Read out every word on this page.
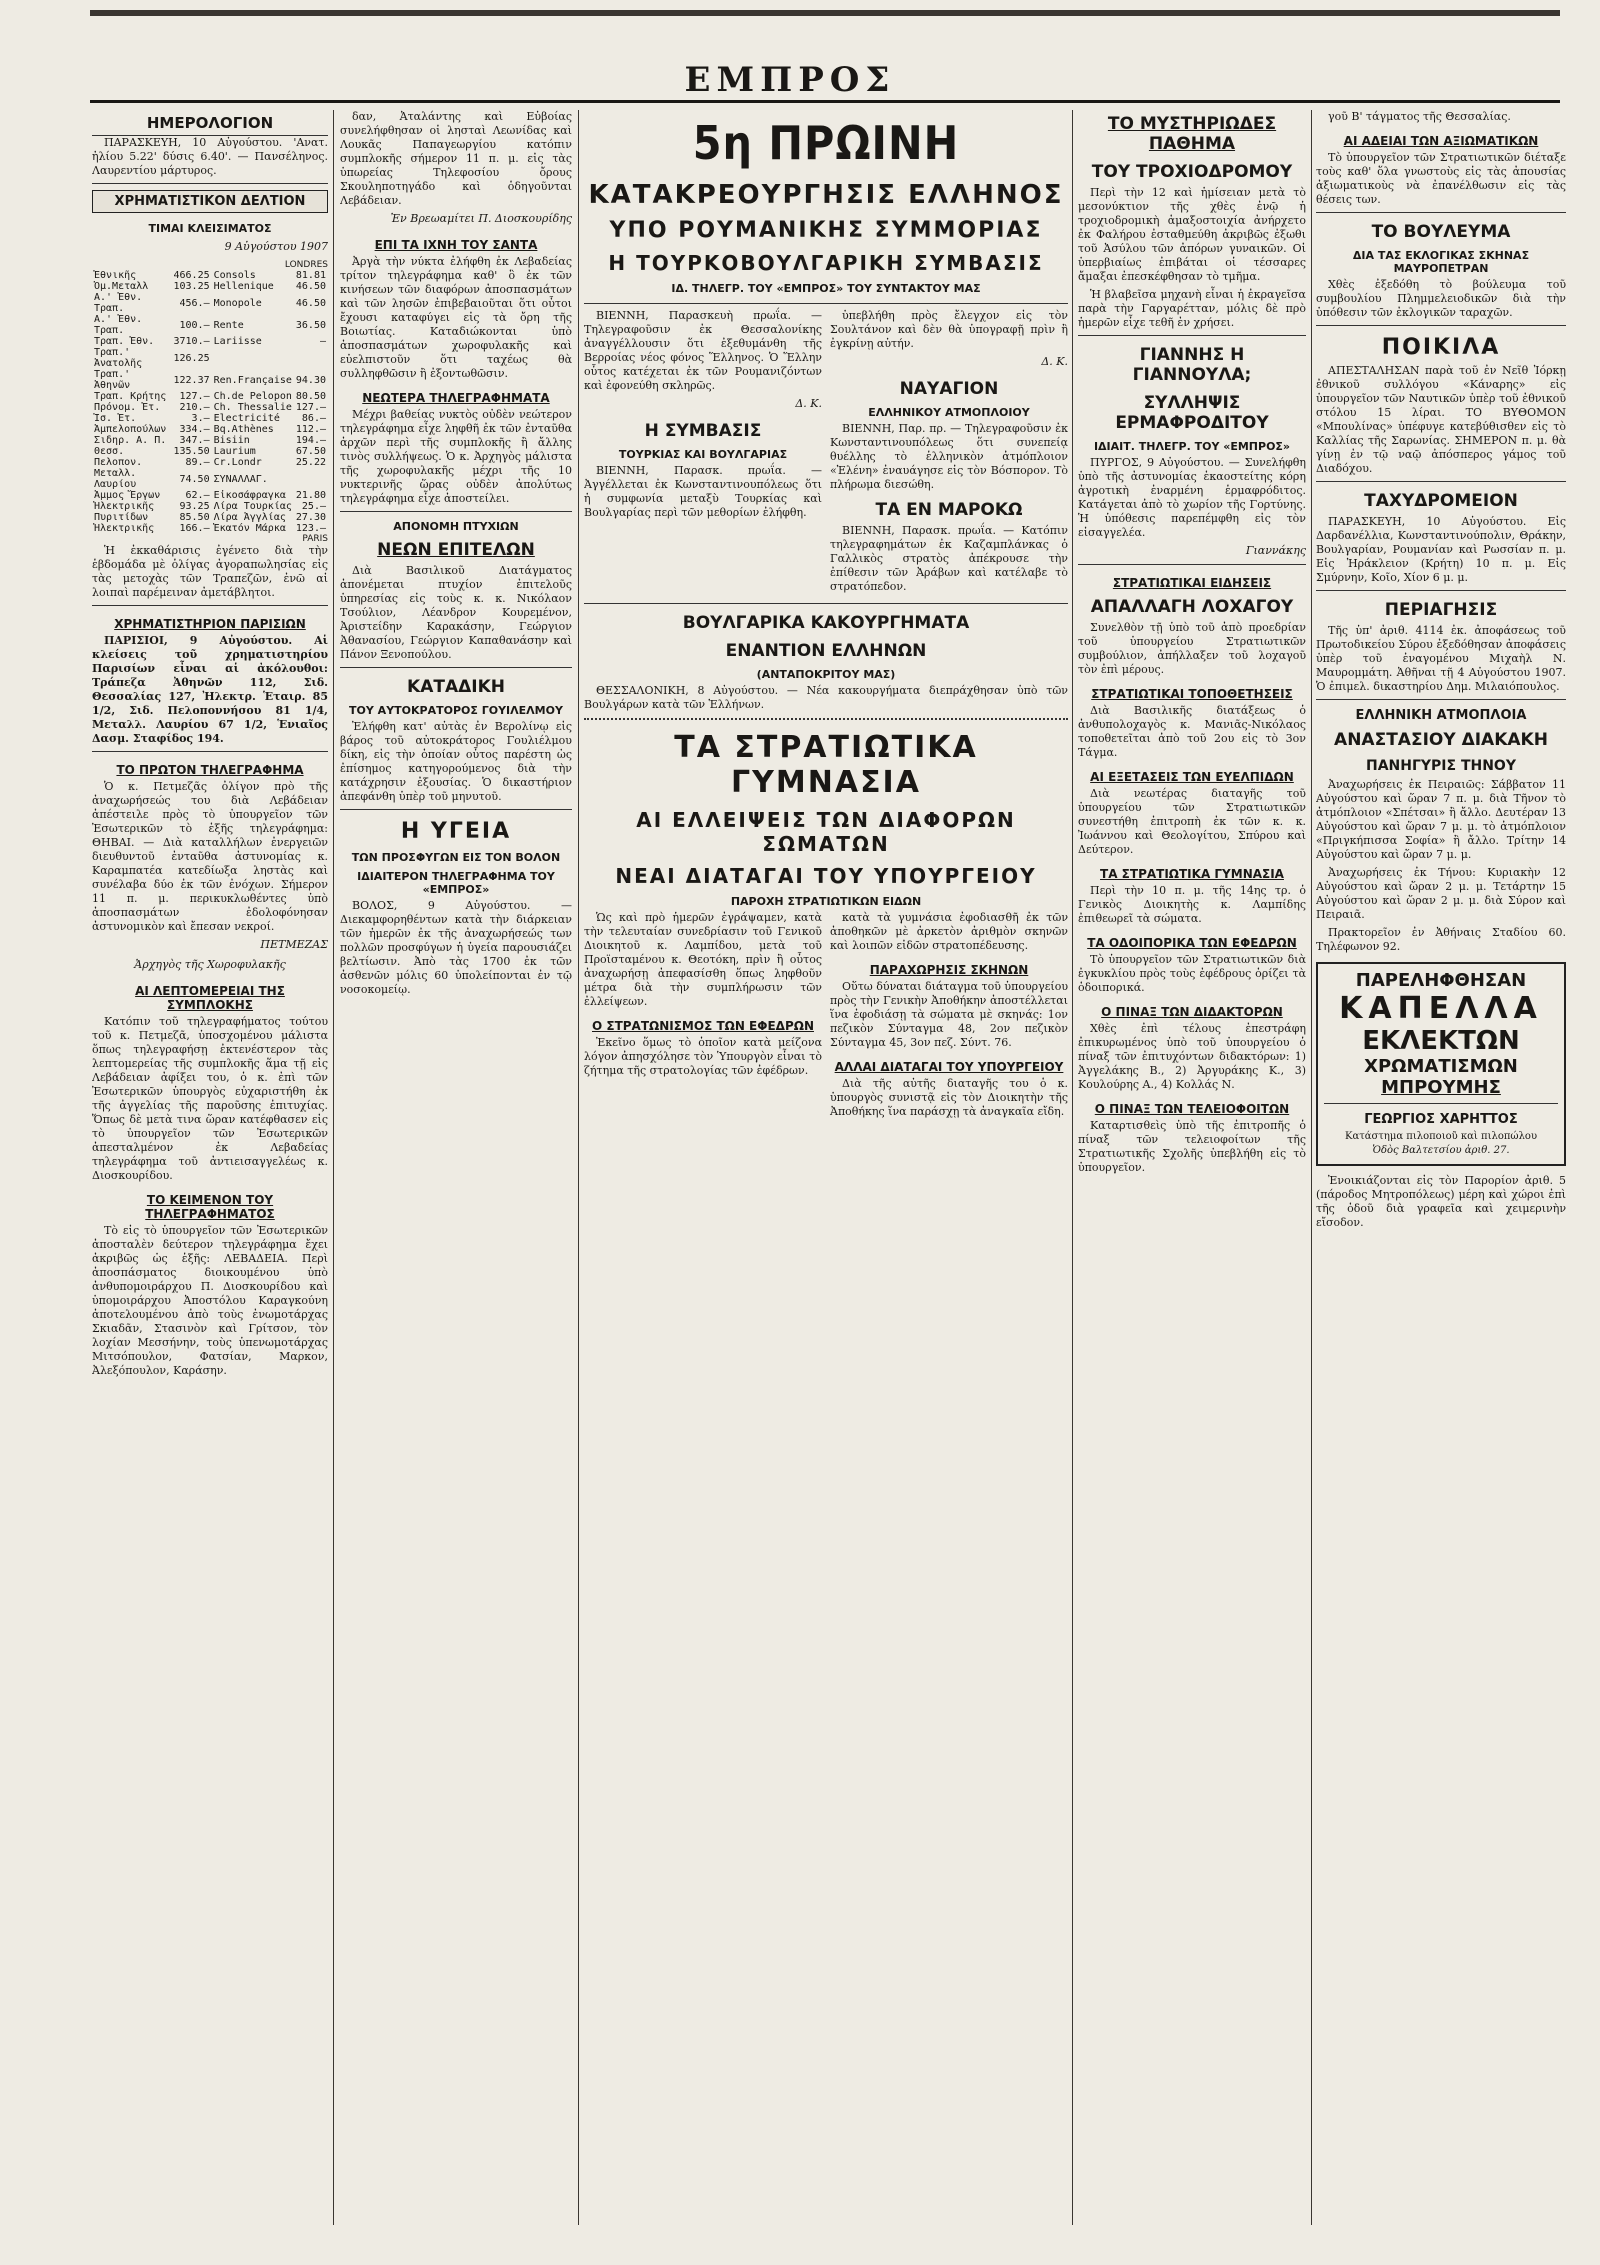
ΕΜΠΡΟΣ
ΗΜΕΡΟΛΟΓΙΟΝ

ΠΑΡΑΣΚΕΥΗ, 10 Αὐγούστου. 'Ανατ. ἡλίου 5.22' δύσις 6.40'. — Πανσέληνος. Λαυρεντίου μάρτυρος.

ΧΡΗΜΑΤΙΣΤΙΚΟΝ ΔΕΛΤΙΟΝ
ΤΙΜΑΙ ΚΛΕΙΣΙΜΑΤΟΣ
9 Αὐγούστου 1907
LONDRES
Ἐθνικῆς	466.25	Consols	81.81
Ὀμ.Μεταλλ	103.25	Hellenique	46.50
Α.' Ἐθν. Τραπ.	456.—	Monopole	46.50
Α.' Ἐθν. Τραπ.	100.—	Rente	36.50
Τραπ. Ἐθν.	3710.—	Lariisse	—
Τραπ.' Ἀνατολῆς	126.25		
Τραπ.' Ἀθηνῶν	122.37	Ren.Française	94.30
Τραπ. Κρήτης	127.—	Ch.de Pelopon	80.50
Πρόνομ. Ἐτ.	210.—	Ch. Thessalie	127.—
Ἰσ. Ἐτ.	3.—	Electricité	86.—
Ἀμπελοπούλων	334.—	Bq.Athènes	112.—
Σιδηρ. Α. Π.	347.—	Bisiin	194.—
Θεσσ.	135.50	Laurium	67.50
Πελοπον.	89.—	Cr.Londr	25.22
Μεταλλ. Λαυρίου	74.50	ΣΥΝΑΛΛΑΓ.	
Ἀμμος Ἔργων	62.—	Εἰκοσάφραγκα	21.80
Ἡλεκτρικῆς	93.25	Λίρα Τουρκίας	25.—
Πυριτίδων	85.50	Λίρα Ἀγγλίας	27.30
Ἠλεκτρικῆς	166.—	Ἑκατόν Μάρκα	123.—
PARIS

Ἡ ἐκκαθάρισις ἐγένετο διὰ τὴν ἑβδομάδα μὲ ὁλίγας ἀγοραπωλησίας εἰς τὰς μετοχὰς τῶν Τραπεζῶν, ἐνῶ αἱ λοιπαὶ παρέμειναν ἀμετάβλητοι.

ΧΡΗΜΑΤΙΣΤΗΡΙΟΝ ΠΑΡΙΣΙΩΝ

ΠΑΡΙΣΙΟΙ, 9 Αὐγούστου. Αἱ κλείσεις τοῦ χρηματιστηρίου Παρισίων εἶναι αἱ ἀκόλουθοι: Τράπεζα Ἀθηνῶν 112, Σιδ. Θεσσαλίας 127, Ἠλεκτρ. Ἑταιρ. 85 1/2, Σιδ. Πελοποννήσου 81 1/4, Μεταλλ. Λαυρίου 67 1/2, Ἑνιαῖος Δασμ. Σταφίδος 194.

ΤΟ ΠΡΩΤΟΝ ΤΗΛΕΓΡΑΦΗΜΑ

Ὁ κ. Πετμεζᾶς ὀλίγον πρὸ τῆς ἀναχωρήσεώς του διὰ Λεβάδειαν ἀπέστειλε πρὸς τὸ ὑπουργεῖον τῶν Ἐσωτερικῶν τὸ ἑξῆς τηλεγράφημα: ΘΗΒΑΙ. — Διὰ καταλλήλων ἐνεργειῶν διευθυντοῦ ἐνταῦθα ἀστυνομίας κ. Καραμπατέα κατεδίωξα ληστὰς καὶ συνέλαβα δύο ἐκ τῶν ἐνόχων. Σήμερον 11 π. μ. περικυκλωθέντες ὑπὸ ἀποσπασμάτων ἐδολοφόνησαν ἀστυνομικὸν καὶ ἔπεσαν νεκροί.

ΠΕΤΜΕΖΑΣ
Ἀρχηγὸς τῆς Χωροφυλακῆς
ΑΙ ΛΕΠΤΟΜΕΡΕΙΑΙ ΤΗΣ ΣΥΜΠΛΟΚΗΣ

Κατόπιν τοῦ τηλεγραφήματος τούτου τοῦ κ. Πετμεζᾶ, ὑποσχομένου μάλιστα ὅπως τηλεγραφήσῃ ἐκτενέστερον τὰς λεπτομερείας τῆς συμπλοκῆς ἅμα τῇ εἰς Λεβάδειαν ἀφίξει του, ὁ κ. ἐπὶ τῶν Ἐσωτερικῶν ὑπουργὸς εὐχαριστήθη ἐκ τῆς ἀγγελίας τῆς παροῦσης ἐπιτυχίας. Ὅπως δὲ μετὰ τινα ὥραν κατέφθασεν εἰς τὸ ὑπουργεῖον τῶν Ἐσωτερικῶν ἀπεσταλμένον ἐκ Λεβαδείας τηλεγράφημα τοῦ ἀντιεισαγγελέως κ. Διοσκουρίδου.

ΤΟ ΚΕΙΜΕΝΟΝ ΤΟΥ ΤΗΛΕΓΡΑΦΗΜΑΤΟΣ

Τὸ εἰς τὸ ὑπουργεῖον τῶν Ἐσωτερικῶν ἀποσταλὲν δεύτερον τηλεγράφημα ἔχει ἀκριβῶς ὡς ἑξῆς: ΛΕΒΑΔΕΙΑ. Περὶ ἀποσπάσματος διοικουμένου ὑπὸ ἀνθυπομοιράρχου Π. Διοσκουρίδου καὶ ὑπομοιράρχου Ἀποστόλου Καραγκούνη ἀποτελουμένου ἀπὸ τοὺς ἐνωμοτάρχας Σκιαδᾶν, Στασινὸν καὶ Γρίτσον, τὸν λοχίαν Μεσσήνην, τοὺς ὑπενωμοτάρχας Μιτσόπουλον, Φατσίαν, Μαρκον, Ἀλεξόπουλον, Καράσην.

δαν, Ἀταλάντης καὶ Εὐβοίας συνελήφθησαν οἱ λησταὶ Λεωνίδας καὶ Λουκᾶς Παπαγεωργίου κατόπιν συμπλοκῆς σήμερον 11 π. μ. εἰς τὰς ὑπωρείας Τηλεφοσίου ὄρους Σκουληποτηγάδο καὶ ὁδηγοῦνται Λεβάδειαν.

Ἐν Βρεωαμίτει Π. Διοσκουρίδης
ΕΠΙ ΤΑ ΙΧΝΗ ΤΟΥ ΣΑΝΤΑ

Ἀργὰ τὴν νύκτα ἐλήφθη ἐκ Λεβαδείας τρίτον τηλεγράφημα καθ' ὃ ἐκ τῶν κινήσεων τῶν διαφόρων ἀποσπασμάτων καὶ τῶν λησῶν ἐπιβεβαιοῦται ὅτι οὗτοι ἔχουσι καταφύγει εἰς τὰ ὄρη τῆς Βοιωτίας. Καταδιώκονται ὑπὸ ἀποσπασμάτων χωροφυλακῆς καὶ εὐελπιστοῦν ὅτι ταχέως θὰ συλληφθῶσιν ἢ ἐξοντωθῶσιν.

ΝΕΩΤΕΡΑ ΤΗΛΕΓΡΑΦΗΜΑΤΑ

Μέχρι βαθείας νυκτὸς οὐδὲν νεώτερον τηλεγράφημα εἶχε ληφθῆ ἐκ τῶν ἐνταῦθα ἀρχῶν περὶ τῆς συμπλοκῆς ἢ ἄλλης τινὸς συλλήψεως. Ὁ κ. Ἀρχηγὸς μάλιστα τῆς χωροφυλακῆς μέχρι τῆς 10 νυκτερινῆς ὥρας οὐδὲν ἀπολύτως τηλεγράφημα εἶχε ἀποστείλει.

ΑΠΟΝΟΜΗ ΠΤΥΧΙΩΝ
ΝΕΩΝ ΕΠΙΤΕΛΩΝ

Διὰ Βασιλικοῦ Διατάγματος ἀπονέμεται πτυχίον ἐπιτελοῦς ὑπηρεσίας εἰς τοὺς κ. κ. Νικόλαον Τσούλιον, Λέανδρον Κουρεμένον, Ἀριστείδην Καρακάσην, Γεώργιον Ἀθανασίου, Γεώργιον Καπαθανάσην καὶ Πάνον Ξενοπούλου.

ΚΑΤΑΔΙΚΗ
ΤΟΥ ΑΥΤΟΚΡΑΤΟΡΟΣ ΓΟΥΙΛΕΛΜΟΥ

Ἐλήφθη κατ' αὐτὰς ἐν Βερολίνῳ εἰς βάρος τοῦ αὐτοκράτορος Γουλιέλμου δίκη, εἰς τὴν ὁποίαν οὗτος παρέστη ὡς ἐπίσημος κατηγορούμενος διὰ τὴν κατάχρησιν ἐξουσίας. Ὁ δικαστήριον ἀπεφάνθη ὑπὲρ τοῦ μηνυτοῦ.

Η ΥΓΕΙΑ
ΤΩΝ ΠΡΟΣΦΥΓΩΝ ΕΙΣ ΤΟΝ ΒΟΛΟΝ
ΙΔΙΑΙΤΕΡΟΝ ΤΗΛΕΓΡΑΦΗΜΑ ΤΟΥ «ΕΜΠΡΟΣ»

ΒΟΛΟΣ, 9 Αὐγούστου. — Διεκαμφορηθέντων κατὰ τὴν διάρκειαν τῶν ἡμερῶν ἐκ τῆς ἀναχωρήσεώς των πολλῶν προσφύγων ἡ ὑγεία παρουσιάζει βελτίωσιν. Ἀπὸ τὰς 1700 ἐκ τῶν ἀσθενῶν μόλις 60 ὑπολείπονται ἐν τῷ νοσοκομείῳ.

5η ΠΡΩΙΝΗ
ΚΑΤΑΚΡΕΟΥΡΓΗΣΙΣ ΕΛΛΗΝΟΣ
ΥΠΟ ΡΟΥΜΑΝΙΚΗΣ ΣΥΜΜΟΡΙΑΣ
Η ΤΟΥΡΚΟΒΟΥΛΓΑΡΙΚΗ ΣΥΜΒΑΣΙΣ
ΙΔ. ΤΗΛΕΓΡ. ΤΟΥ «ΕΜΠΡΟΣ» ΤΟΥ ΣΥΝΤΑΚΤΟΥ ΜΑΣ

ΒΙΕΝΝΗ, Παρασκευὴ πρωΐα. — Τηλεγραφοῦσιν ἐκ Θεσσαλονίκης ἀναγγέλλουσιν ὅτι ἐξεθυμάνθη τῆς Βερροίας νέος φόνος Ἕλληνος. Ὁ Ἕλλην οὗτος κατέχεται ἐκ τῶν Ρουμανιζόντων καὶ ἐφονεύθη σκληρῶς.

Δ. Κ.
Η ΣΥΜΒΑΣΙΣ
ΤΟΥΡΚΙΑΣ ΚΑΙ ΒΟΥΛΓΑΡΙΑΣ

ΒΙΕΝΝΗ, Παρασκ. πρωΐα. — Ἀγγέλλεται ἐκ Κωνσταντινουπόλεως ὅτι ἡ συμφωνία μεταξὺ Τουρκίας καὶ Βουλγαρίας περὶ τῶν μεθορίων ἐλήφθη.

ὑπεβλήθη πρὸς ἔλεγχον εἰς τὸν Σουλτάνον καὶ δὲν θὰ ὑπογραφῇ πρὶν ἢ ἐγκρίνῃ αὐτήν.

Δ. Κ.
ΝΑΥΑΓΙΟΝ
ΕΛΛΗΝΙΚΟΥ ΑΤΜΟΠΛΟΙΟΥ

ΒΙΕΝΝΗ, Παρ. πρ. — Τηλεγραφοῦσιν ἐκ Κωνσταντινουπόλεως ὅτι συνεπείᾳ θυέλλης τὸ ἑλληνικὸν ἀτμόπλοιον «Ἑλένη» ἐναυάγησε εἰς τὸν Βόσπορον. Τὸ πλήρωμα διεσώθη.

ΤΑ ΕΝ ΜΑΡΟΚΩ

ΒΙΕΝΝΗ, Παρασκ. πρωΐα. — Κατόπιν τηλεγραφημάτων ἐκ Καζαμπλάνκας ὁ Γαλλικὸς στρατὸς ἀπέκρουσε τὴν ἐπίθεσιν τῶν Ἀράβων καὶ κατέλαβε τὸ στρατόπεδον.

ΒΟΥΛΓΑΡΙΚΑ ΚΑΚΟΥΡΓΗΜΑΤΑ
ΕΝΑΝΤΙΟΝ ΕΛΛΗΝΩΝ
(ΑΝΤΑΠΟΚΡΙΤΟΥ ΜΑΣ)

ΘΕΣΣΑΛΟΝΙΚΗ, 8 Αὐγούστου. — Νέα κακουργήματα διεπράχθησαν ὑπὸ τῶν Βουλγάρων κατὰ τῶν Ἑλλήνων.

ΤΑ ΣΤΡΑΤΙΩΤΙΚΑ ΓΥΜΝΑΣΙΑ
ΑΙ ΕΛΛΕΙΨΕΙΣ ΤΩΝ ΔΙΑΦΟΡΩΝ ΣΩΜΑΤΩΝ
ΝΕΑΙ ΔΙΑΤΑΓΑΙ ΤΟΥ ΥΠΟΥΡΓΕΙΟΥ
ΠΑΡΟΧΗ ΣΤΡΑΤΙΩΤΙΚΩΝ ΕΙΔΩΝ

Ὡς καὶ πρὸ ἡμερῶν ἐγράψαμεν, κατὰ τὴν τελευταίαν συνεδρίασιν τοῦ Γενικοῦ Διοικητοῦ κ. Λαμπίδου, μετὰ τοῦ Προϊσταμένου κ. Θεοτόκη, πρὶν ἢ οὗτος ἀναχωρήσῃ ἀπεφασίσθη ὅπως ληφθοῦν μέτρα διὰ τὴν συμπλήρωσιν τῶν ἐλλείψεων.

Ο ΣΤΡΑΤΩΝΙΣΜΟΣ ΤΩΝ ΕΦΕΔΡΩΝ

Ἐκεῖνο ὅμως τὸ ὁποῖον κατὰ μείζονα λόγον ἀπησχόλησε τὸν Ὑπουργὸν εἶναι τὸ ζήτημα τῆς στρατολογίας τῶν ἐφέδρων.

κατὰ τὰ γυμνάσια ἐφοδιασθῆ ἐκ τῶν ἀποθηκῶν μὲ ἀρκετὸν ἀριθμὸν σκηνῶν καὶ λοιπῶν εἰδῶν στρατοπέδευσης.

ΠΑΡΑΧΩΡΗΣΙΣ ΣΚΗΝΩΝ

Οὕτω δύναται διάταγμα τοῦ ὑπουργείου πρὸς τὴν Γενικὴν Ἀποθήκην ἀποστέλλεται ἵνα ἐφοδιάσῃ τὰ σώματα μὲ σκηνάς: 1ον πεζικὸν Σύνταγμα 48, 2ον πεζικὸν Σύνταγμα 45, 3ον πεζ. Σύντ. 76.

ΑΛΛΑΙ ΔΙΑΤΑΓΑΙ ΤΟΥ ΥΠΟΥΡΓΕΙΟΥ

Διὰ τῆς αὐτῆς διαταγῆς του ὁ κ. ὑπουργὸς συνιστᾷ εἰς τὸν Διοικητὴν τῆς Ἀποθήκης ἵνα παράσχῃ τὰ ἀναγκαῖα εἴδη.

ΤΟ ΜΥΣΤΗΡΙΩΔΕΣ ΠΑΘΗΜΑ
ΤΟΥ ΤΡΟΧΙΟΔΡΟΜΟΥ

Περὶ τὴν 12 καὶ ἡμίσειαν μετὰ τὸ μεσονύκτιον τῆς χθὲς ἐνῷ ἡ τροχιοδρομικὴ ἁμαξοστοιχία ἀνήρχετο ἐκ Φαλήρου ἐσταθμεύθη ἀκριβῶς ἐξωθι τοῦ Ἀσύλου τῶν ἀπόρων γυναικῶν. Οἱ ὑπερβιαίως ἐπιβάται οἱ τέσσαρες ἄμαξαι ἐπεσκέφθησαν τὸ τμῆμα.

Ἡ βλαβεῖσα μηχανὴ εἶναι ἡ ἐκραγεῖσα παρὰ τὴν Γαργαρέτταν, μόλις δὲ πρὸ ἡμερῶν εἶχε τεθῆ ἐν χρήσει.

ΓΙΑΝΝΗΣ Η ΓΙΑΝΝΟΥΛΑ;
ΣΥΛΛΗΨΙΣ ΕΡΜΑΦΡΟΔΙΤΟΥ
ΙΔΙΑΙΤ. ΤΗΛΕΓΡ. ΤΟΥ «ΕΜΠΡΟΣ»

ΠΥΡΓΟΣ, 9 Αὐγούστου. — Συνελήφθη ὑπὸ τῆς ἀστυνομίας ἑκαοστείτης κόρη ἀγροτικὴ ἐναρμένη ἑρμαφρόδιτος. Κατάγεται ἀπὸ τὸ χωρίον τῆς Γορτύνης. Ἡ ὑπόθεσις παρεπέμφθη εἰς τὸν εἰσαγγελέα.

Γιαννάκης
ΣΤΡΑΤΙΩΤΙΚΑΙ ΕΙΔΗΣΕΙΣ
ΑΠΑΛΛΑΓΗ ΛΟΧΑΓΟΥ

Συνελθὸν τῇ ὑπὸ τοῦ ἀπὸ προεδρίαν τοῦ ὑπουργείου Στρατιωτικῶν συμβούλιον, ἀπήλλαξεν τοῦ λοχαγοῦ τὸν ἐπὶ μέρους.

ΣΤΡΑΤΙΩΤΙΚΑΙ ΤΟΠΟΘΕΤΗΣΕΙΣ

Διὰ Βασιλικῆς διατάξεως ὁ ἀνθυπολοχαγὸς κ. Μανιᾶς-Νικόλαος τοποθετεῖται ἀπὸ τοῦ 2ου εἰς τὸ 3ον Τάγμα.

ΑΙ ΕΞΕΤΑΣΕΙΣ ΤΩΝ ΕΥΕΛΠΙΔΩΝ

Διὰ νεωτέρας διαταγῆς τοῦ ὑπουργείου τῶν Στρατιωτικῶν συνεστήθη ἐπιτροπὴ ἐκ τῶν κ. κ. Ἰωάννου καὶ Θεολογίτου, Σπύρου καὶ Δεύτερον.

ΤΑ ΣΤΡΑΤΙΩΤΙΚΑ ΓΥΜΝΑΣΙΑ

Περὶ τὴν 10 π. μ. τῆς 14ης τρ. ὁ Γενικὸς Διοικητὴς κ. Λαμπίδης ἐπιθεωρεῖ τὰ σώματα.

ΤΑ ΟΔΟΙΠΟΡΙΚΑ ΤΩΝ ΕΦΕΔΡΩΝ

Τὸ ὑπουργεῖον τῶν Στρατιωτικῶν διὰ ἐγκυκλίου πρὸς τοὺς ἐφέδρους ὁρίζει τὰ ὁδοιπορικά.

Ο ΠΙΝΑΞ ΤΩΝ ΔΙΔΑΚΤΟΡΩΝ

Χθὲς ἐπὶ τέλους ἐπεστράφη ἐπικυρωμένος ὑπὸ τοῦ ὑπουργείου ὁ πίναξ τῶν ἐπιτυχόντων διδακτόρων: 1) Ἀγγελάκης Β., 2) Ἀργυράκης Κ., 3) Κουλούρης Α., 4) Κολλάς Ν.

Ο ΠΙΝΑΞ ΤΩΝ ΤΕΛΕΙΟΦΟΙΤΩΝ

Καταρτισθεὶς ὑπὸ τῆς ἐπιτροπῆς ὁ πίναξ τῶν τελειοφοίτων τῆς Στρατιωτικῆς Σχολῆς ὑπεβλήθη εἰς τὸ ὑπουργεῖον.

γοῦ Β' τάγματος τῆς Θεσσαλίας.

ΑΙ ΑΔΕΙΑΙ ΤΩΝ ΑΞΙΩΜΑΤΙΚΩΝ

Τὸ ὑπουργεῖον τῶν Στρατιωτικῶν διέταξε τοὺς καθ' ὅλα γνωστοὺς εἰς τὰς ἀπουσίας ἀξιωματικοὺς νὰ ἐπανέλθωσιν εἰς τὰς θέσεις των.

ΤΟ ΒΟΥΛΕΥΜΑ
ΔΙΑ ΤΑΣ ΕΚΛΟΓΙΚΑΣ ΣΚΗΝΑΣ ΜΑΥΡΟΠΕΤΡΑΝ

Χθὲς ἐξεδόθη τὸ βούλευμα τοῦ συμβουλίου Πλημμελειοδικῶν διὰ τὴν ὑπόθεσιν τῶν ἐκλογικῶν ταραχῶν.

ΠΟΙΚΙΛΑ

ΑΠΕΣΤΑΛΗΣΑΝ παρὰ τοῦ ἐν Νεῖθ Ἰόρκῃ ἐθνικοῦ συλλόγου «Κάναρης» εἰς ὑπουργεῖον τῶν Ναυτικῶν ὑπὲρ τοῦ ἐθνικοῦ στόλου 15 λίραι. ΤΟ ΒΥΘΟΜΟΝ «Μπουλίνας» ὑπέφυγε κατεβύθισθεν εἰς τὸ Καλλίας τῆς Σαρωνίας. ΣΗΜΕΡΟΝ π. μ. θὰ γίνῃ ἐν τῷ ναῷ ἀπόσπερος γάμος τοῦ Διαδόχου.

ΤΑΧΥΔΡΟΜΕΙΟΝ

ΠΑΡΑΣΚΕΥΗ, 10 Αὐγούστου. Εἰς Δαρδανέλλια, Κωνσταντινούπολιν, Θράκην, Βουλγαρίαν, Ρουμανίαν καὶ Ρωσσίαν π. μ. Εἰς Ἡράκλειον (Κρήτη) 10 π. μ. Εἰς Σμύρνην, Κοῖο, Χίον 6 μ. μ.

ΠΕΡΙΑΓΗΣΙΣ

Τῆς ὑπ' ἀριθ. 4114 ἐκ. ἀποφάσεως τοῦ Πρωτοδικείου Σύρου ἐξεδόθησαν ἀποφάσεις ὑπὲρ τοῦ ἐναγομένου Μιχαὴλ Ν. Μαυρομμάτη. Ἀθῆναι τῇ 4 Αὐγούστου 1907. Ὁ ἐπιμελ. δικαστηρίου Δημ. Μιλαιόπουλος.

ΕΛΛΗΝΙΚΗ ΑΤΜΟΠΛΟΙΑ
ΑΝΑΣΤΑΣΙΟΥ ΔΙΑΚΑΚΗ
ΠΑΝΗΓΥΡΙΣ ΤΗΝΟΥ

Ἀναχωρήσεις ἐκ Πειραιῶς: Σάββατον 11 Αὐγούστου καὶ ὥραν 7 π. μ. διὰ Τῆνον τὸ ἀτμόπλοιον «Σπέτσαι» ἢ ἄλλο. Δευτέραν 13 Αὐγούστου καὶ ὥραν 7 μ. μ. τὸ ἀτμόπλοιον «Πριγκήπισσα Σοφία» ἢ ἄλλο. Τρίτην 14 Αὐγούστου καὶ ὥραν 7 μ. μ.

Ἀναχωρήσεις ἐκ Τήνου: Κυριακὴν 12 Αὐγούστου καὶ ὥραν 2 μ. μ. Τετάρτην 15 Αὐγούστου καὶ ὥραν 2 μ. μ. διὰ Σύρον καὶ Πειραιᾶ.

Πρακτορεῖον ἐν Ἀθήναις Σταδίου 60. Τηλέφωνον 92.

ΠΑΡΕΛΗΦΘΗΣΑΝ
ΚΑΠΕΛΛΑ
ΕΚΛΕΚΤΩΝ
ΧΡΩΜΑΤΙΣΜΩΝ
ΜΠΡΟΥΜΗΣ
ΓΕΩΡΓΙΟΣ ΧΑΡΗΤΤΟΣ
Κατάστημα πιλοποιοῦ καὶ πιλοπώλου
Ὁδὸς Βαλτετσίου ἀριθ. 27.

Ἐνοικιάζονται εἰς τὸν Παρορίον ἀριθ. 5 (πάροδος Μητροπόλεως) μέρη καὶ χώροι ἐπὶ τῆς ὁδοῦ διὰ γραφεῖα καὶ χειμερινὴν εἴσοδον.
